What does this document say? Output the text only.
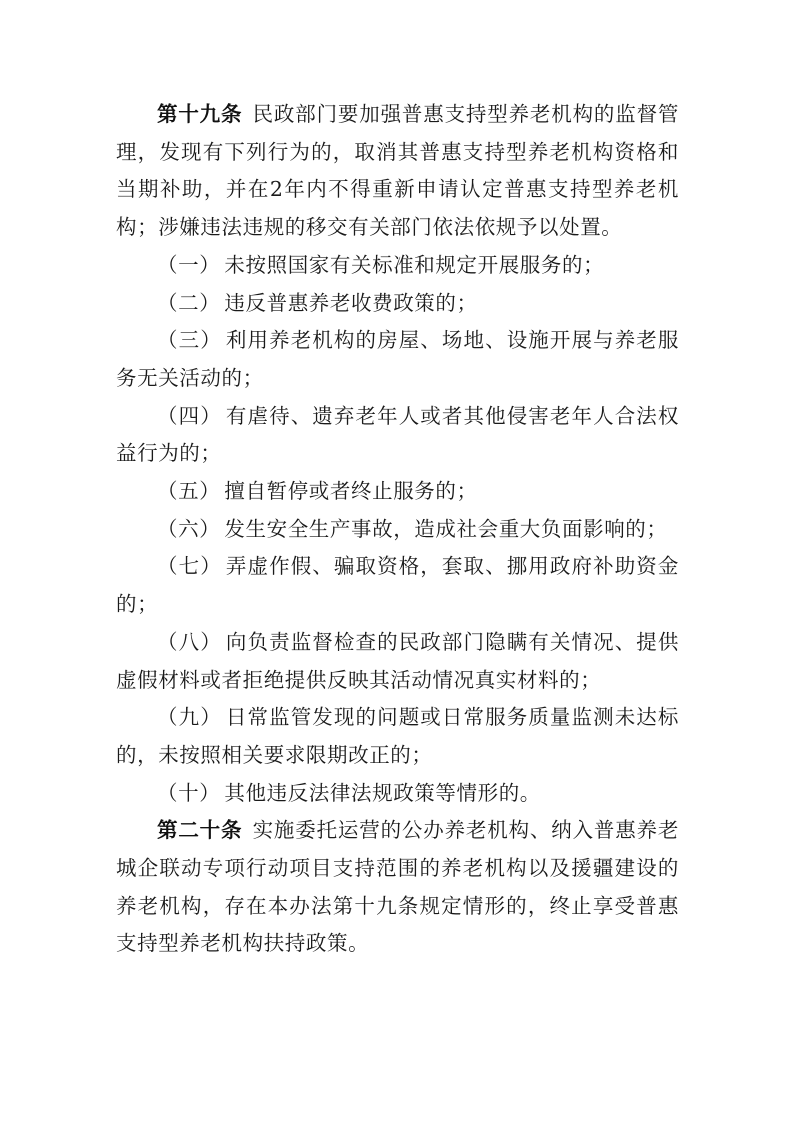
第十九条 民政部门要加强普惠支持型养老机构的监督管理，发现有下列行为的，取消其普惠支持型养老机构资格和当期补助，并在2年内不得重新申请认定普惠支持型养老机构；涉嫌违法违规的移交有关部门依法依规予以处置。

（一） 未按照国家有关标准和规定开展服务的；

（二） 违反普惠养老收费政策的；

（三） 利用养老机构的房屋、场地、设施开展与养老服务无关活动的；

（四） 有虐待、遗弃老年人或者其他侵害老年人合法权益行为的；

（五） 擅自暂停或者终止服务的；

（六） 发生安全生产事故，造成社会重大负面影响的；

（七） 弄虚作假、骗取资格，套取、挪用政府补助资金的；

（八） 向负责监督检查的民政部门隐瞒有关情况、提供虚假材料或者拒绝提供反映其活动情况真实材料的；

（九） 日常监管发现的问题或日常服务质量监测未达标的，未按照相关要求限期改正的；

（十） 其他违反法律法规政策等情形的。

第二十条 实施委托运营的公办养老机构、纳入普惠养老城企联动专项行动项目支持范围的养老机构以及援疆建设的养老机构，存在本办法第十九条规定情形的，终止享受普惠支持型养老机构扶持政策。
